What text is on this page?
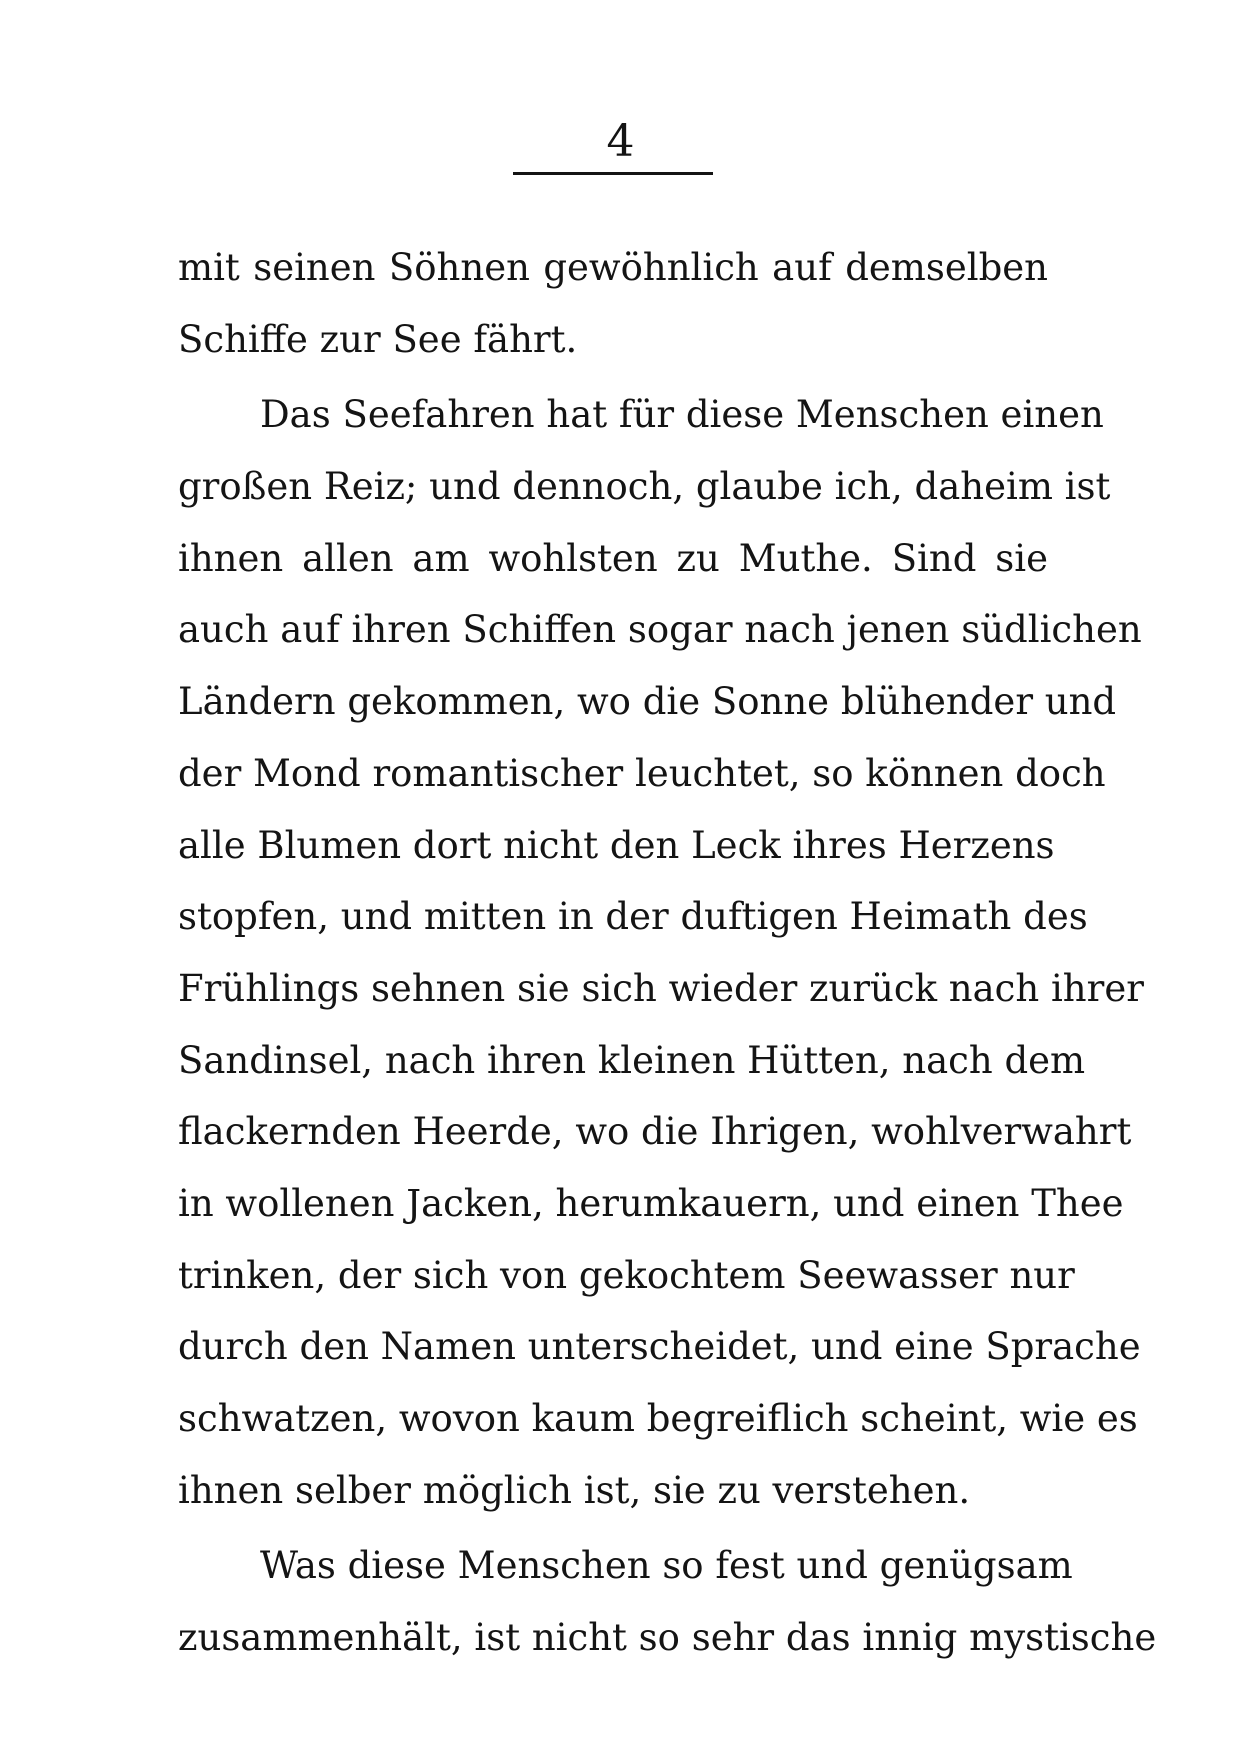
4
mit seinen Söhnen gewöhnlich auf demselben
Schiffe zur See fährt.
Das Seefahren hat für diese Menschen einen
großen Reiz; und dennoch, glaube ich, daheim ist
ihnen allen am wohlsten zu Muthe. Sind sie
auch auf ihren Schiffen sogar nach jenen südlichen
Ländern gekommen, wo die Sonne blühender und
der Mond romantischer leuchtet, so können doch
alle Blumen dort nicht den Leck ihres Herzens
stopfen, und mitten in der duftigen Heimath des
Frühlings sehnen sie sich wieder zurück nach ihrer
Sandinsel, nach ihren kleinen Hütten, nach dem
flackernden Heerde, wo die Ihrigen, wohlverwahrt
in wollenen Jacken, herumkauern, und einen Thee
trinken, der sich von gekochtem Seewasser nur
durch den Namen unterscheidet, und eine Sprache
schwatzen, wovon kaum begreiflich scheint, wie es
ihnen selber möglich ist, sie zu verstehen.
Was diese Menschen so fest und genügsam
zusammenhält, ist nicht so sehr das innig mystische
